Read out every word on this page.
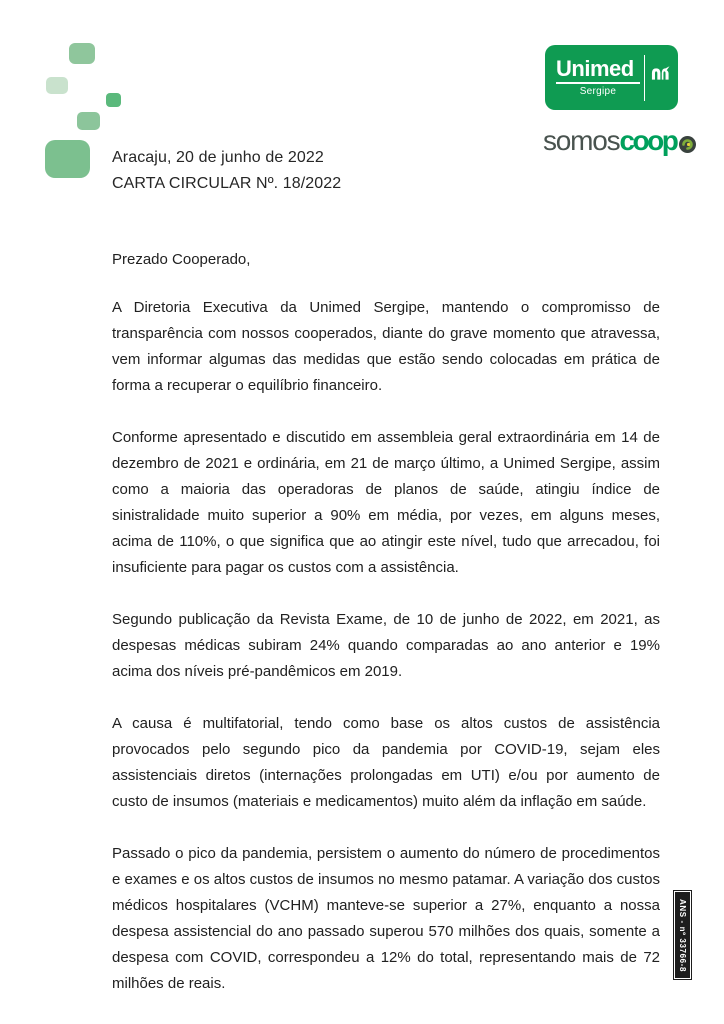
Unimed
Sergipe
somos coop
Aracaju, 20 de junho de 2022
CARTA CIRCULAR Nº. 18/2022

Prezado Cooperado,

A Diretoria Executiva da Unimed Sergipe, mantendo o compromisso de transparência com nossos cooperados, diante do grave momento que atravessa, vem informar algumas das medidas que estão sendo colocadas em prática de forma a recuperar o equilíbrio financeiro.

Conforme apresentado e discutido em assembleia geral extraordinária em 14 de dezembro de 2021 e ordinária, em 21 de março último, a Unimed Sergipe, assim como a maioria das operadoras de planos de saúde, atingiu índice de sinistralidade muito superior a 90% em média, por vezes, em alguns meses, acima de 110%, o que significa que ao atingir este nível, tudo que arrecadou, foi insuficiente para pagar os custos com a assistência.

Segundo publicação da Revista Exame, de 10 de junho de 2022, em 2021, as despesas médicas subiram 24% quando comparadas ao ano anterior e 19% acima dos níveis pré-pandêmicos em 2019.

A causa é multifatorial, tendo como base os altos custos de assistência provocados pelo segundo pico da pandemia por COVID-19, sejam eles assistenciais diretos (internações prolongadas em UTI) e/ou por aumento de custo de insumos (materiais e medicamentos) muito além da inflação em saúde.

Passado o pico da pandemia, persistem o aumento do número de procedimentos e exames e os altos custos de insumos no mesmo patamar. A variação dos custos médicos hospitalares (VCHM) manteve-se superior a 27%, enquanto a nossa despesa assistencial do ano passado superou 570 milhões dos quais, somente a despesa com COVID, correspondeu a 12% do total, representando mais de 72 milhões de reais.

ANS - nº 33766-8
